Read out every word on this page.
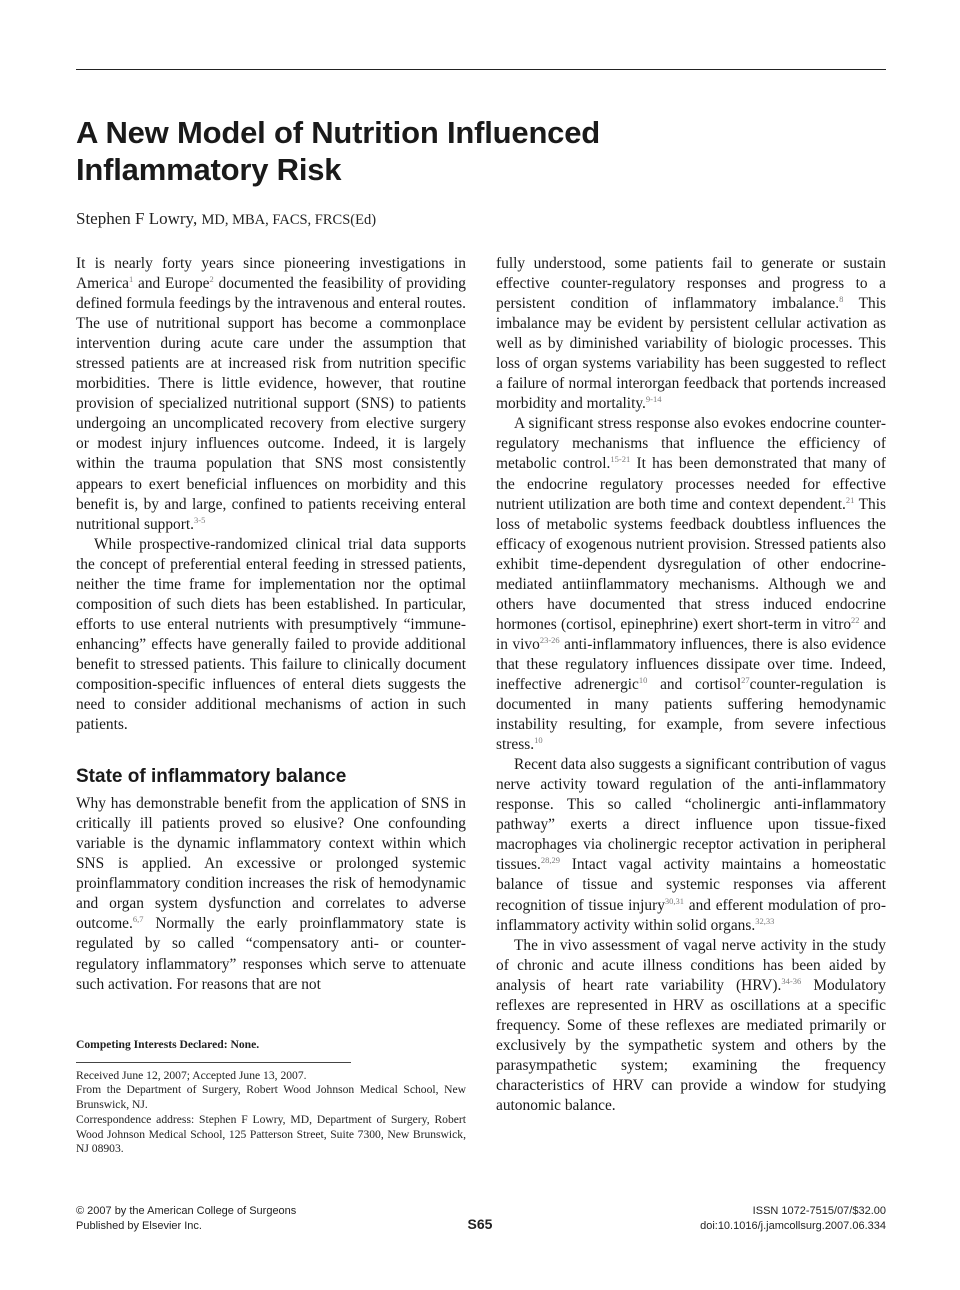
A New Model of Nutrition Influenced Inflammatory Risk

Stephen F Lowry, MD, MBA, FACS, FRCS(Ed)

It is nearly forty years since pioneering investigations in America$^1$ and Europe$^2$ documented the feasibility of providing defined formula feedings by the intravenous and enteral routes. The use of nutritional support has become a commonplace intervention during acute care under the assumption that stressed patients are at increased risk from nutrition specific morbidities. There is little evidence, however, that routine provision of specialized nutritional support (SNS) to patients undergoing an uncomplicated recovery from elective surgery or modest injury influences outcome. Indeed, it is largely within the trauma population that SNS most consistently appears to exert beneficial influences on morbidity and this benefit is, by and large, confined to patients receiving enteral nutritional support.$^{3-5}$

While prospective-randomized clinical trial data supports the concept of preferential enteral feeding in stressed patients, neither the time frame for implementation nor the optimal composition of such diets has been established. In particular, efforts to use enteral nutrients with presumptively “immune-enhancing” effects have generally failed to provide additional benefit to stressed patients. This failure to clinically document composition-specific influences of enteral diets suggests the need to consider additional mechanisms of action in such patients.

State of inflammatory balance

Why has demonstrable benefit from the application of SNS in critically ill patients proved so elusive? One confounding variable is the dynamic inflammatory context within which SNS is applied. An excessive or prolonged systemic proinflammatory condition increases the risk of hemodynamic and organ system dysfunction and correlates to adverse outcome.$^{6,7}$ Normally the early proinflammatory state is regulated by so called “compensatory anti- or counter-regulatory inflammatory” responses which serve to attenuate such activation. For reasons that are not

fully understood, some patients fail to generate or sustain effective counter-regulatory responses and progress to a persistent condition of inflammatory imbalance.$^8$ This imbalance may be evident by persistent cellular activation as well as by diminished variability of biologic processes. This loss of organ systems variability has been suggested to reflect a failure of normal interorgan feedback that portends increased morbidity and mortality.$^{9-14}$

A significant stress response also evokes endocrine counter-regulatory mechanisms that influence the efficiency of metabolic control.$^{15-21}$ It has been demonstrated that many of the endocrine regulatory processes needed for effective nutrient utilization are both time and context dependent.$^{21}$ This loss of metabolic systems feedback doubtless influences the efficacy of exogenous nutrient provision. Stressed patients also exhibit time-dependent dysregulation of other endocrine-mediated antiinflammatory mechanisms. Although we and others have documented that stress induced endocrine hormones (cortisol, epinephrine) exert short-term in vitro$^{22}$ and in vivo$^{23-26}$ anti-inflammatory influences, there is also evidence that these regulatory influences dissipate over time. Indeed, ineffective adrenergic$^{10}$ and cortisol$^{27}$counter-regulation is documented in many patients suffering hemodynamic instability resulting, for example, from severe infectious stress.$^{10}$

Recent data also suggests a significant contribution of vagus nerve activity toward regulation of the anti-inflammatory response. This so called “cholinergic anti-inflammatory pathway” exerts a direct influence upon tissue-fixed macrophages via cholinergic receptor activation in peripheral tissues.$^{28,29}$ Intact vagal activity maintains a homeostatic balance of tissue and systemic responses via afferent recognition of tissue injury$^{30,31}$ and efferent modulation of pro-inflammatory activity within solid organs.$^{32,33}$

The in vivo assessment of vagal nerve activity in the study of chronic and acute illness conditions has been aided by analysis of heart rate variability (HRV).$^{34-36}$ Modulatory reflexes are represented in HRV as oscillations at a specific frequency. Some of these reflexes are mediated primarily or exclusively by the sympathetic system and others by the parasympathetic system; examining the frequency characteristics of HRV can provide a window for studying autonomic balance.

Competing Interests Declared: None.

Received June 12, 2007; Accepted June 13, 2007.

From the Department of Surgery, Robert Wood Johnson Medical School, New Brunswick, NJ.

Correspondence address: Stephen F Lowry, MD, Department of Surgery, Robert Wood Johnson Medical School, 125 Patterson Street, Suite 7300, New Brunswick, NJ 08903.

© 2007 by the American College of Surgeons
Published by Elsevier Inc.	S65
ISSN 1072-7515/07/$32.00
doi:10.1016/j.jamcollsurg.2007.06.334
